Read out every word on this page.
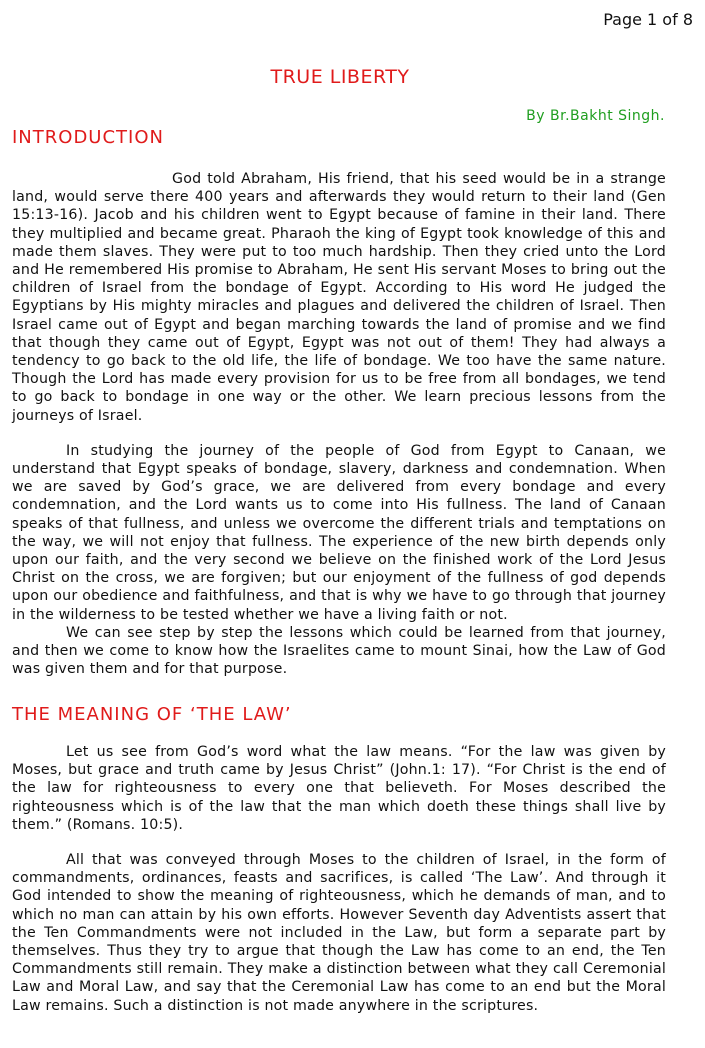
Page 1 of 8
TRUE LIBERTY
By Br.Bakht Singh.
INTRODUCTION

God told Abraham, His friend, that his seed would be in a strange land, would serve there 400 years and afterwards they would return to their land (Gen 15:13-16). Jacob and his children went to Egypt because of famine in their land. There they multiplied and became great. Pharaoh the king of Egypt took knowledge of this and made them slaves. They were put to too much hardship. Then they cried unto the Lord and He remembered His promise to Abraham, He sent His servant Moses to bring out the children of Israel from the bondage of Egypt. According to His word He judged the Egyptians by His mighty miracles and plagues and delivered the children of Israel. Then Israel came out of Egypt and began marching towards the land of promise and we find that though they came out of Egypt, Egypt was not out of them! They had always a tendency to go back to the old life, the life of bondage. We too have the same nature. Though the Lord has made every provision for us to be free from all bondages, we tend to go back to bondage in one way or the other. We learn precious lessons from the journeys of Israel.

In studying the journey of the people of God from Egypt to Canaan, we understand that Egypt speaks of bondage, slavery, darkness and condemnation. When we are saved by God’s grace, we are delivered from every bondage and every condemnation, and the Lord wants us to come into His fullness. The land of Canaan speaks of that fullness, and unless we overcome the different trials and temptations on the way, we will not enjoy that fullness. The experience of the new birth depends only upon our faith, and the very second we believe on the finished work of the Lord Jesus Christ on the cross, we are forgiven; but our enjoyment of the fullness of god depends upon our obedience and faithfulness, and that is why we have to go through that journey in the wilderness to be tested whether we have a living faith or not.

We can see step by step the lessons which could be learned from that journey, and then we come to know how the Israelites came to mount Sinai, how the Law of God was given them and for that purpose.

THE MEANING OF ‘THE LAW’

Let us see from God’s word what the law means. “For the law was given by Moses, but grace and truth came by Jesus Christ” (John.1: 17). “For Christ is the end of the law for righteousness to every one that believeth. For Moses described the righteousness which is of the law that the man which doeth these things shall live by them.” (Romans. 10:5).

All that was conveyed through Moses to the children of Israel, in the form of commandments, ordinances, feasts and sacrifices, is called ‘The Law’. And through it God intended to show the meaning of righteousness, which he demands of man, and to which no man can attain by his own efforts. However Seventh day Adventists assert that the Ten Commandments were not included in the Law, but form a separate part by themselves. Thus they try to argue that though the Law has come to an end, the Ten Commandments still remain. They make a distinction between what they call Ceremonial Law and Moral Law, and say that the Ceremonial Law has come to an end but the Moral Law remains. Such a distinction is not made anywhere in the scriptures.
